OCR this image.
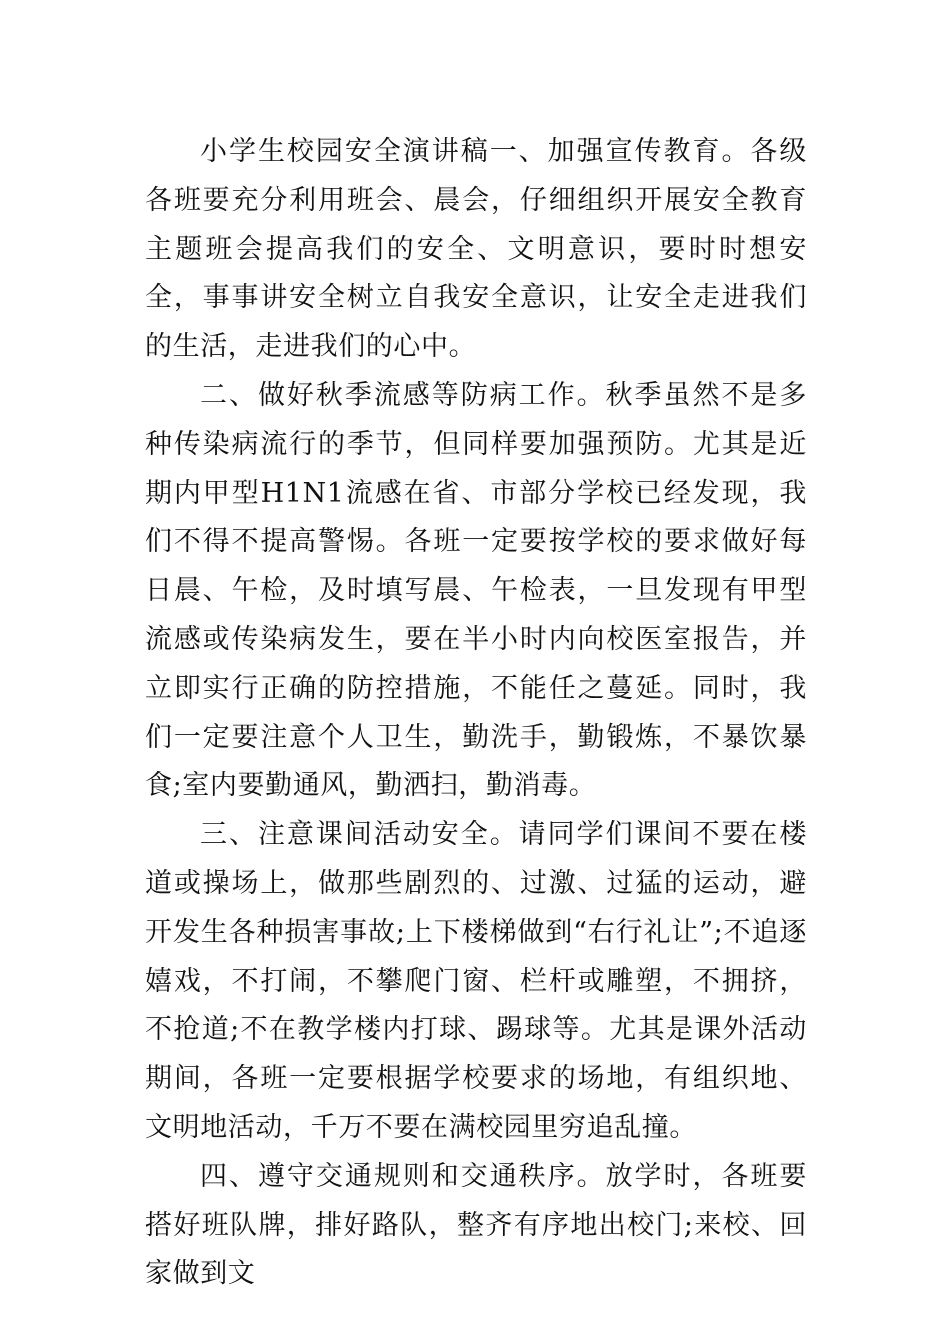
小学生校园安全演讲稿一、加强宣传教育。各级各班要充分利用班会、晨会，仔细组织开展安全教育主题班会提高我们的安全、文明意识，要时时想安全，事事讲安全树立自我安全意识，让安全走进我们的生活，走进我们的心中。

二、做好秋季流感等防病工作。秋季虽然不是多种传染病流行的季节，但同样要加强预防。尤其是近期内甲型H1N1流感在省、市部分学校已经发现，我们不得不提高警惕。各班一定要按学校的要求做好每日晨、午检，及时填写晨、午检表，一旦发现有甲型流感或传染病发生，要在半小时内向校医室报告，并立即实行正确的防控措施，不能任之蔓延。同时，我们一定要注意个人卫生，勤洗手，勤锻炼，不暴饮暴食;室内要勤通风，勤洒扫，勤消毒。

三、注意课间活动安全。请同学们课间不要在楼道或操场上，做那些剧烈的、过激、过猛的运动，避开发生各种损害事故;上下楼梯做到“右行礼让”;不追逐嬉戏，不打闹，不攀爬门窗、栏杆或雕塑，不拥挤，不抢道;不在教学楼内打球、踢球等。尤其是课外活动期间，各班一定要根据学校要求的场地，有组织地、文明地活动，千万不要在满校园里穷追乱撞。

四、遵守交通规则和交通秩序。放学时，各班要搭好班队牌，排好路队，整齐有序地出校门;来校、回家做到文
